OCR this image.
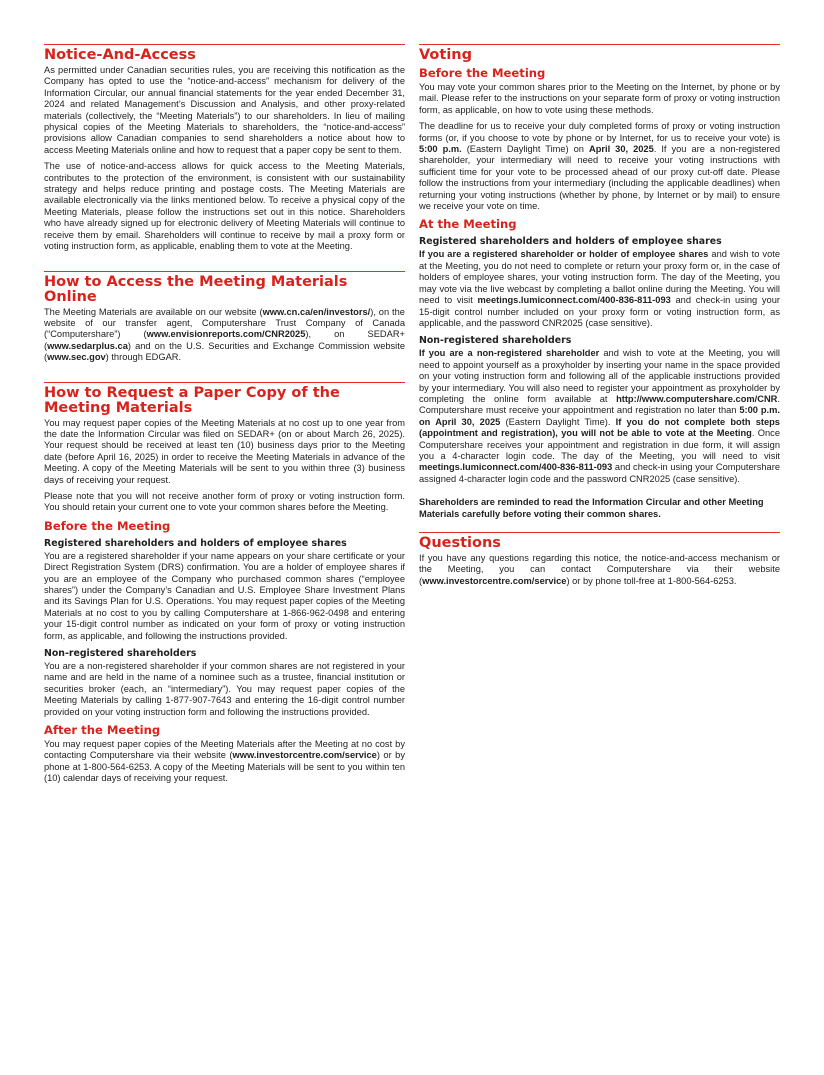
Notice-And-Access

As permitted under Canadian securities rules, you are receiving this notification as the Company has opted to use the “notice-and-access” mechanism for delivery of the Information Circular, our annual financial statements for the year ended December 31, 2024 and related Management’s Discussion and Analysis, and other proxy-related materials (collectively, the “Meeting Materials”) to our shareholders. In lieu of mailing physical copies of the Meeting Materials to shareholders, the “notice-and-access” provisions allow Canadian companies to send shareholders a notice about how to access Meeting Materials online and how to request that a paper copy be sent to them.

The use of notice-and-access allows for quick access to the Meeting Materials, contributes to the protection of the environment, is consistent with our sustainability strategy and helps reduce printing and postage costs. The Meeting Materials are available electronically via the links mentioned below. To receive a physical copy of the Meeting Materials, please follow the instructions set out in this notice. Shareholders who have already signed up for electronic delivery of Meeting Materials will continue to receive them by email. Shareholders will continue to receive by mail a proxy form or voting instruction form, as applicable, enabling them to vote at the Meeting.

How to Access the Meeting Materials Online

The Meeting Materials are available on our website (www.cn.ca/en/investors/), on the website of our transfer agent, Computershare Trust Company of Canada (“Computershare”) (www.envisionreports.com/CNR2025), on SEDAR+ (www.sedarplus.ca) and on the U.S. Securities and Exchange Commission website (www.sec.gov) through EDGAR.

How to Request a Paper Copy of the Meeting Materials

You may request paper copies of the Meeting Materials at no cost up to one year from the date the Information Circular was filed on SEDAR+ (on or about March 26, 2025). Your request should be received at least ten (10) business days prior to the Meeting date (before April 16, 2025) in order to receive the Meeting Materials in advance of the Meeting. A copy of the Meeting Materials will be sent to you within three (3) business days of receiving your request.

Please note that you will not receive another form of proxy or voting instruction form. You should retain your current one to vote your common shares before the Meeting.

Before the Meeting
Registered shareholders and holders of employee shares

You are a registered shareholder if your name appears on your share certificate or your Direct Registration System (DRS) confirmation. You are a holder of employee shares if you are an employee of the Company who purchased common shares (“employee shares”) under the Company’s Canadian and U.S. Employee Share Investment Plans and its Savings Plan for U.S. Operations. You may request paper copies of the Meeting Materials at no cost to you by calling Computershare at 1-866-962-0498 and entering your 15-digit control number as indicated on your form of proxy or voting instruction form, as applicable, and following the instructions provided.

Non-registered shareholders

You are a non-registered shareholder if your common shares are not registered in your name and are held in the name of a nominee such as a trustee, financial institution or securities broker (each, an “intermediary”). You may request paper copies of the Meeting Materials by calling 1-877-907-7643 and entering the 16-digit control number provided on your voting instruction form and following the instructions provided.

After the Meeting

You may request paper copies of the Meeting Materials after the Meeting at no cost by contacting Computershare via their website (www.investorcentre.com/service) or by phone at 1-800-564-6253. A copy of the Meeting Materials will be sent to you within ten (10) calendar days of receiving your request.

Voting
Before the Meeting

You may vote your common shares prior to the Meeting on the Internet, by phone or by mail. Please refer to the instructions on your separate form of proxy or voting instruction form, as applicable, on how to vote using these methods.

The deadline for us to receive your duly completed forms of proxy or voting instruction forms (or, if you choose to vote by phone or by Internet, for us to receive your vote) is 5:00 p.m. (Eastern Daylight Time) on April 30, 2025. If you are a non-registered shareholder, your intermediary will need to receive your voting instructions with sufficient time for your vote to be processed ahead of our proxy cut-off date. Please follow the instructions from your intermediary (including the applicable deadlines) when returning your voting instructions (whether by phone, by Internet or by mail) to ensure we receive your vote on time.

At the Meeting
Registered shareholders and holders of employee shares

If you are a registered shareholder or holder of employee shares and wish to vote at the Meeting, you do not need to complete or return your proxy form or, in the case of holders of employee shares, your voting instruction form. The day of the Meeting, you may vote via the live webcast by completing a ballot online during the Meeting. You will need to visit meetings.lumiconnect.com/400-836-811-093 and check-in using your 15-digit control number included on your proxy form or voting instruction form, as applicable, and the password CNR2025 (case sensitive).

Non-registered shareholders

If you are a non-registered shareholder and wish to vote at the Meeting, you will need to appoint yourself as a proxyholder by inserting your name in the space provided on your voting instruction form and following all of the applicable instructions provided by your intermediary. You will also need to register your appointment as proxyholder by completing the online form available at http://www.computershare.com/CNR. Computershare must receive your appointment and registration no later than 5:00 p.m. on April 30, 2025 (Eastern Daylight Time). If you do not complete both steps (appointment and registration), you will not be able to vote at the Meeting. Once Computershare receives your appointment and registration in due form, it will assign you a 4-character login code. The day of the Meeting, you will need to visit meetings.lumiconnect.com/400-836-811-093 and check-in using your Computershare assigned 4-character login code and the password CNR2025 (case sensitive).

Shareholders are reminded to read the Information Circular and other Meeting Materials carefully before voting their common shares.

Questions

If you have any questions regarding this notice, the notice-and-access mechanism or the Meeting, you can contact Computershare via their website (www.investorcentre.com/service) or by phone toll-free at 1-800-564-6253.
